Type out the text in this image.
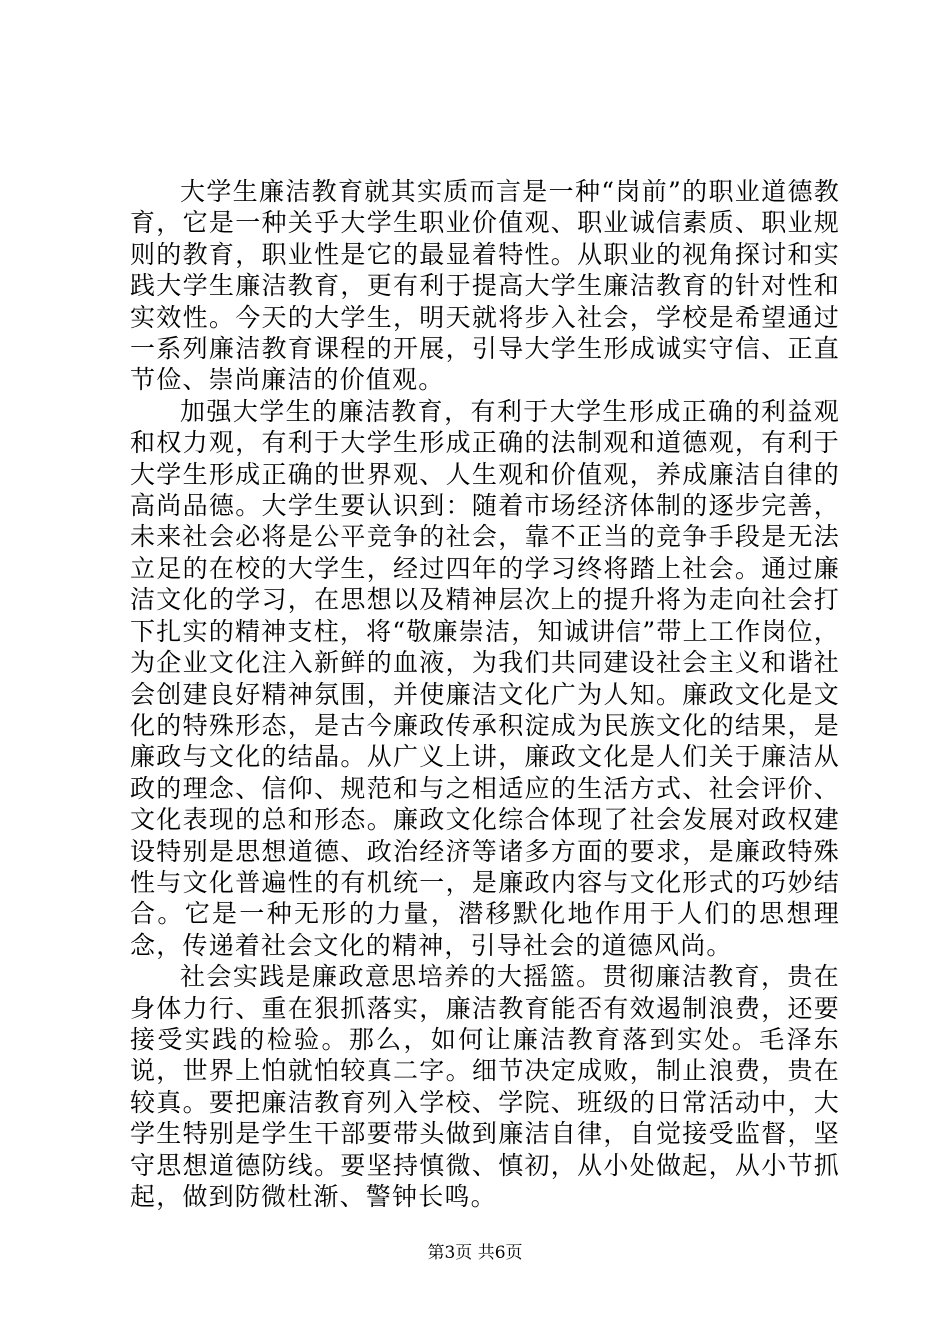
大学生廉洁教育就其实质而言是一种“岗前”的职业道德教育，它是一种关乎大学生职业价值观、职业诚信素质、职业规则的教育，职业性是它的最显着特性。从职业的视角探讨和实践大学生廉洁教育，更有利于提高大学生廉洁教育的针对性和实效性。今天的大学生，明天就将步入社会，学校是希望通过一系列廉洁教育课程的开展，引导大学生形成诚实守信、正直节俭、崇尚廉洁的价值观。

加强大学生的廉洁教育，有利于大学生形成正确的利益观和权力观，有利于大学生形成正确的法制观和道德观，有利于大学生形成正确的世界观、人生观和价值观，养成廉洁自律的高尚品德。大学生要认识到：随着市场经济体制的逐步完善，未来社会必将是公平竞争的社会，靠不正当的竞争手段是无法立足的在校的大学生，经过四年的学习终将踏上社会。通过廉洁文化的学习，在思想以及精神层次上的提升将为走向社会打下扎实的精神支柱，将“敬廉崇洁，知诚讲信”带上工作岗位，为企业文化注入新鲜的血液，为我们共同建设社会主义和谐社会创建良好精神氛围，并使廉洁文化广为人知。廉政文化是文化的特殊形态，是古今廉政传承积淀成为民族文化的结果，是廉政与文化的结晶。从广义上讲，廉政文化是人们关于廉洁从政的理念、信仰、规范和与之相适应的生活方式、社会评价、文化表现的总和形态。廉政文化综合体现了社会发展对政权建设特别是思想道德、政治经济等诸多方面的要求，是廉政特殊性与文化普遍性的有机统一，是廉政内容与文化形式的巧妙结合。它是一种无形的力量，潜移默化地作用于人们的思想理念，传递着社会文化的精神，引导社会的道德风尚。

社会实践是廉政意思培养的大摇篮。贯彻廉洁教育，贵在身体力行、重在狠抓落实，廉洁教育能否有效遏制浪费，还要接受实践的检验。那么，如何让廉洁教育落到实处。毛泽东说，世界上怕就怕较真二字。细节决定成败，制止浪费，贵在较真。要把廉洁教育列入学校、学院、班级的日常活动中，大学生特别是学生干部要带头做到廉洁自律，自觉接受监督，坚守思想道德防线。要坚持慎微、慎初，从小处做起，从小节抓起，做到防微杜渐、警钟长鸣。

第3页 共6页
